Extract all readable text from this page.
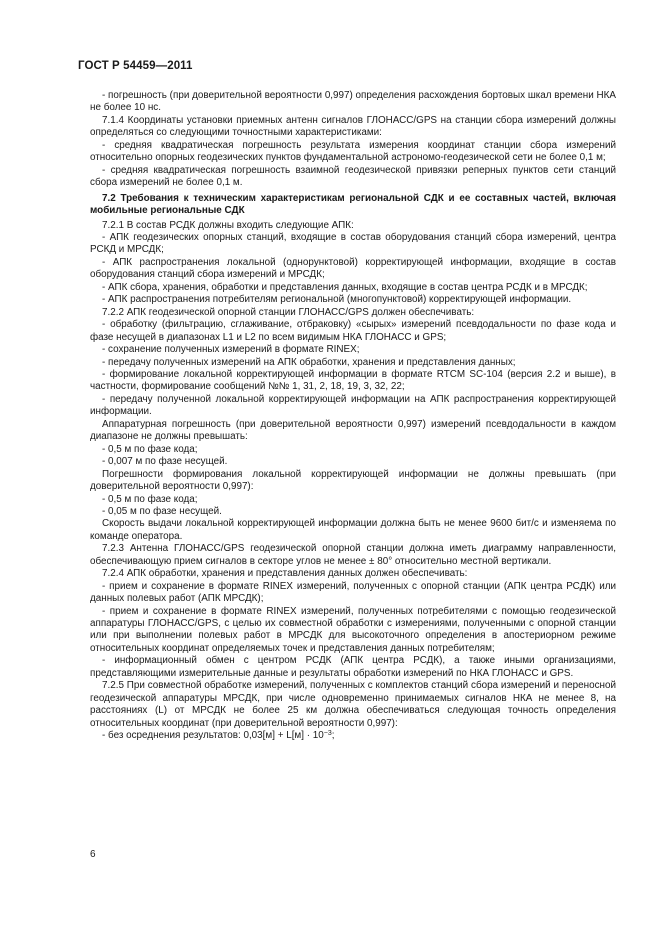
ГОСТ Р 54459—2011

- погрешность (при доверительной вероятности 0,997) определения расхождения бортовых шкал времени НКА не более 10 нс.

7.1.4 Координаты установки приемных антенн сигналов ГЛОНАСС/GPS на станции сбора измерений должны определяться со следующими точностными характеристиками:

- средняя квадратическая погрешность результата измерения координат станции сбора измерений относительно опорных геодезических пунктов фундаментальной астрономо-геодезической сети не более 0,1 м;

- средняя квадратическая погрешность взаимной геодезической привязки реперных пунктов сети станций сбора измерений не более 0,1 м.

7.2 Требования к техническим характеристикам региональной СДК и ее составных частей, включая мобильные региональные СДК

7.2.1 В состав РСДК должны входить следующие АПК:

- АПК геодезических опорных станций, входящие в состав оборудования станций сбора измерений, центра РСКД и МРСДК;

- АПК распространения локальной (одноpунктовой) корректирующей информации, входящие в состав оборудования станций сбора измерений и МРСДК;

- АПК сбора, хранения, обработки и представления данных, входящие в состав центра РСДК и в МРСДК;

- АПК распространения потребителям региональной (многопунктовой) корректирующей информации.

7.2.2 АПК геодезической опорной станции ГЛОНАСС/GPS должен обеспечивать:

- обработку (фильтрацию, сглаживание, отбраковку) «сырых» измерений псевдодальности по фазе кода и фазе несущей в диапазонах L1 и L2 по всем видимым НКА ГЛОНАСС и GPS;

- сохранение полученных измерений в формате RINEX;

- передачу полученных измерений на АПК обработки, хранения и представления данных;

- формирование локальной корректирующей информации в формате RTCM SC-104 (версия 2.2 и выше), в частности, формирование сообщений №№ 1, 31, 2, 18, 19, 3, 32, 22;

- передачу полученной локальной корректирующей информации на АПК распространения корректирующей информации.

Аппаратурная погрешность (при доверительной вероятности 0,997) измерений псевдодальности в каждом диапазоне не должны превышать:

- 0,5 м по фазе кода;

- 0,007 м по фазе несущей.

Погрешности формирования локальной корректирующей информации не должны превышать (при доверительной вероятности 0,997):

- 0,5 м по фазе кода;

- 0,05 м по фазе несущей.

Скорость выдачи локальной корректирующей информации должна быть не менее 9600 бит/с и изменяема по команде оператора.

7.2.3 Антенна ГЛОНАСС/GPS геодезической опорной станции должна иметь диаграмму направленности, обеспечивающую прием сигналов в секторе углов не менее ± 80° относительно местной вертикали.

7.2.4 АПК обработки, хранения и представления данных должен обеспечивать:

- прием и сохранение в формате RINEX измерений, полученных с опорной станции (АПК центра РСДК) или данных полевых работ (АПК МРСДК);

- прием и сохранение в формате RINEX измерений, полученных потребителями с помощью геодезической аппаратуры ГЛОНАСС/GPS, с целью их совместной обработки с измерениями, полученными с опорной станции или при выполнении полевых работ в МРСДК для высокоточного определения в апостериорном режиме относительных координат определяемых точек и представления данных потребителям;

- информационный обмен с центром РСДК (АПК центра РСДК), а также иными организациями, представляющими измерительные данные и результаты обработки измерений по НКА ГЛОНАСС и GPS.

7.2.5 При совместной обработке измерений, полученных с комплектов станций сбора измерений и переносной геодезической аппаратуры МРСДК, при числе одновременно принимаемых сигналов НКА не менее 8, на расстояниях (L) от МРСДК не более 25 км должна обеспечиваться следующая точность определения относительных координат (при доверительной вероятности 0,997):

- без осреднения результатов: $0,03[м] + L[м] \cdot 10^{-3}$;

6
